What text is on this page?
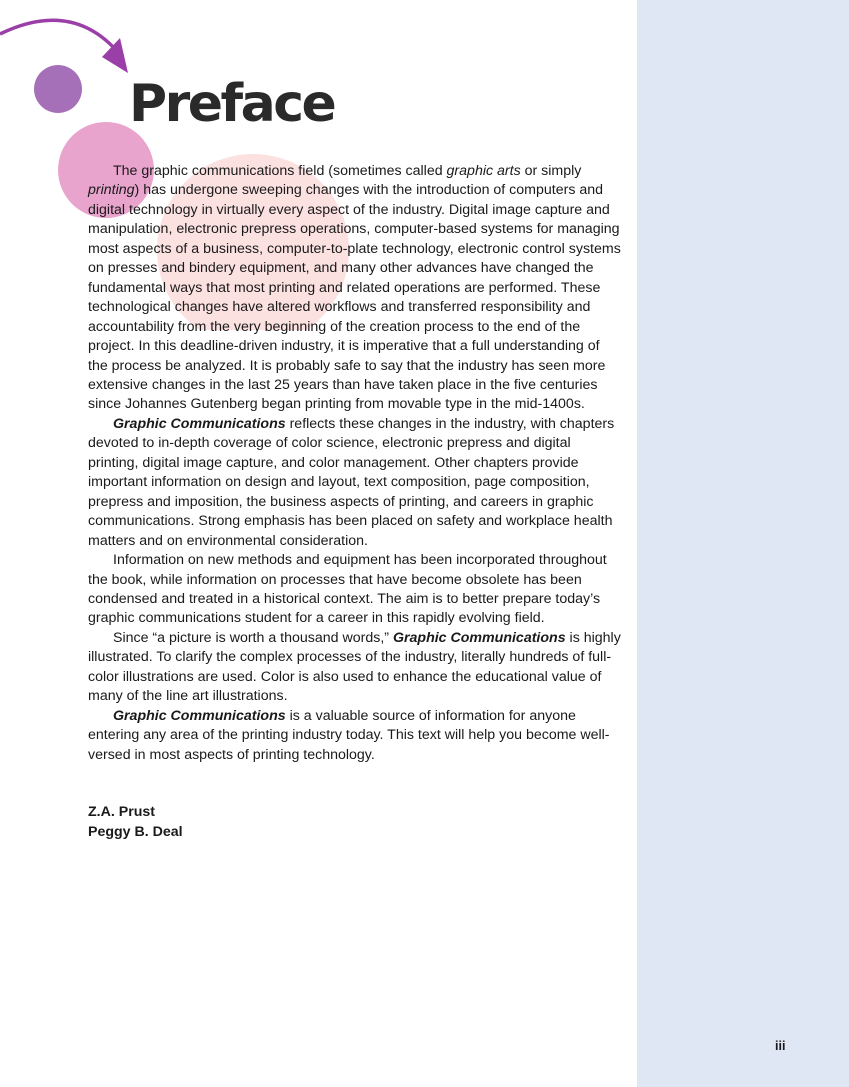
Preface

The graphic communications field (sometimes called graphic arts or simply printing) has undergone sweeping changes with the introduction of computers and digital technology in virtually every aspect of the industry. Digital image capture and manipulation, electronic prepress operations, computer-based systems for managing most aspects of a business, computer-to-plate technology, electronic control systems on presses and bindery equipment, and many other advances have changed the fundamental ways that most printing and related operations are performed. These technological changes have altered workflows and transferred responsibility and accountability from the very beginning of the creation process to the end of the project. In this deadline-driven industry, it is imperative that a full understanding of the process be analyzed. It is probably safe to say that the industry has seen more extensive changes in the last 25 years than have taken place in the five centuries since Johannes Gutenberg began printing from movable type in the mid-1400s.

Graphic Communications reflects these changes in the industry, with chapters devoted to in-depth coverage of color science, electronic prepress and digital printing, digital image capture, and color management. Other chapters provide important information on design and layout, text composition, page composition, prepress and imposition, the business aspects of printing, and careers in graphic communications. Strong emphasis has been placed on safety and workplace health matters and on environmental consideration.

Information on new methods and equipment has been incorporated throughout the book, while information on processes that have become obsolete has been condensed and treated in a historical context. The aim is to better prepare today’s graphic communications student for a career in this rapidly evolving field.

Since “a picture is worth a thousand words,” Graphic Communications is highly illustrated. To clarify the complex processes of the industry, literally hundreds of full-color illustrations are used. Color is also used to enhance the educational value of many of the line art illustrations.

Graphic Communications is a valuable source of information for anyone entering any area of the printing industry today. This text will help you become well-versed in most aspects of printing technology.

Z.A. Prust
Peggy B. Deal
iii
